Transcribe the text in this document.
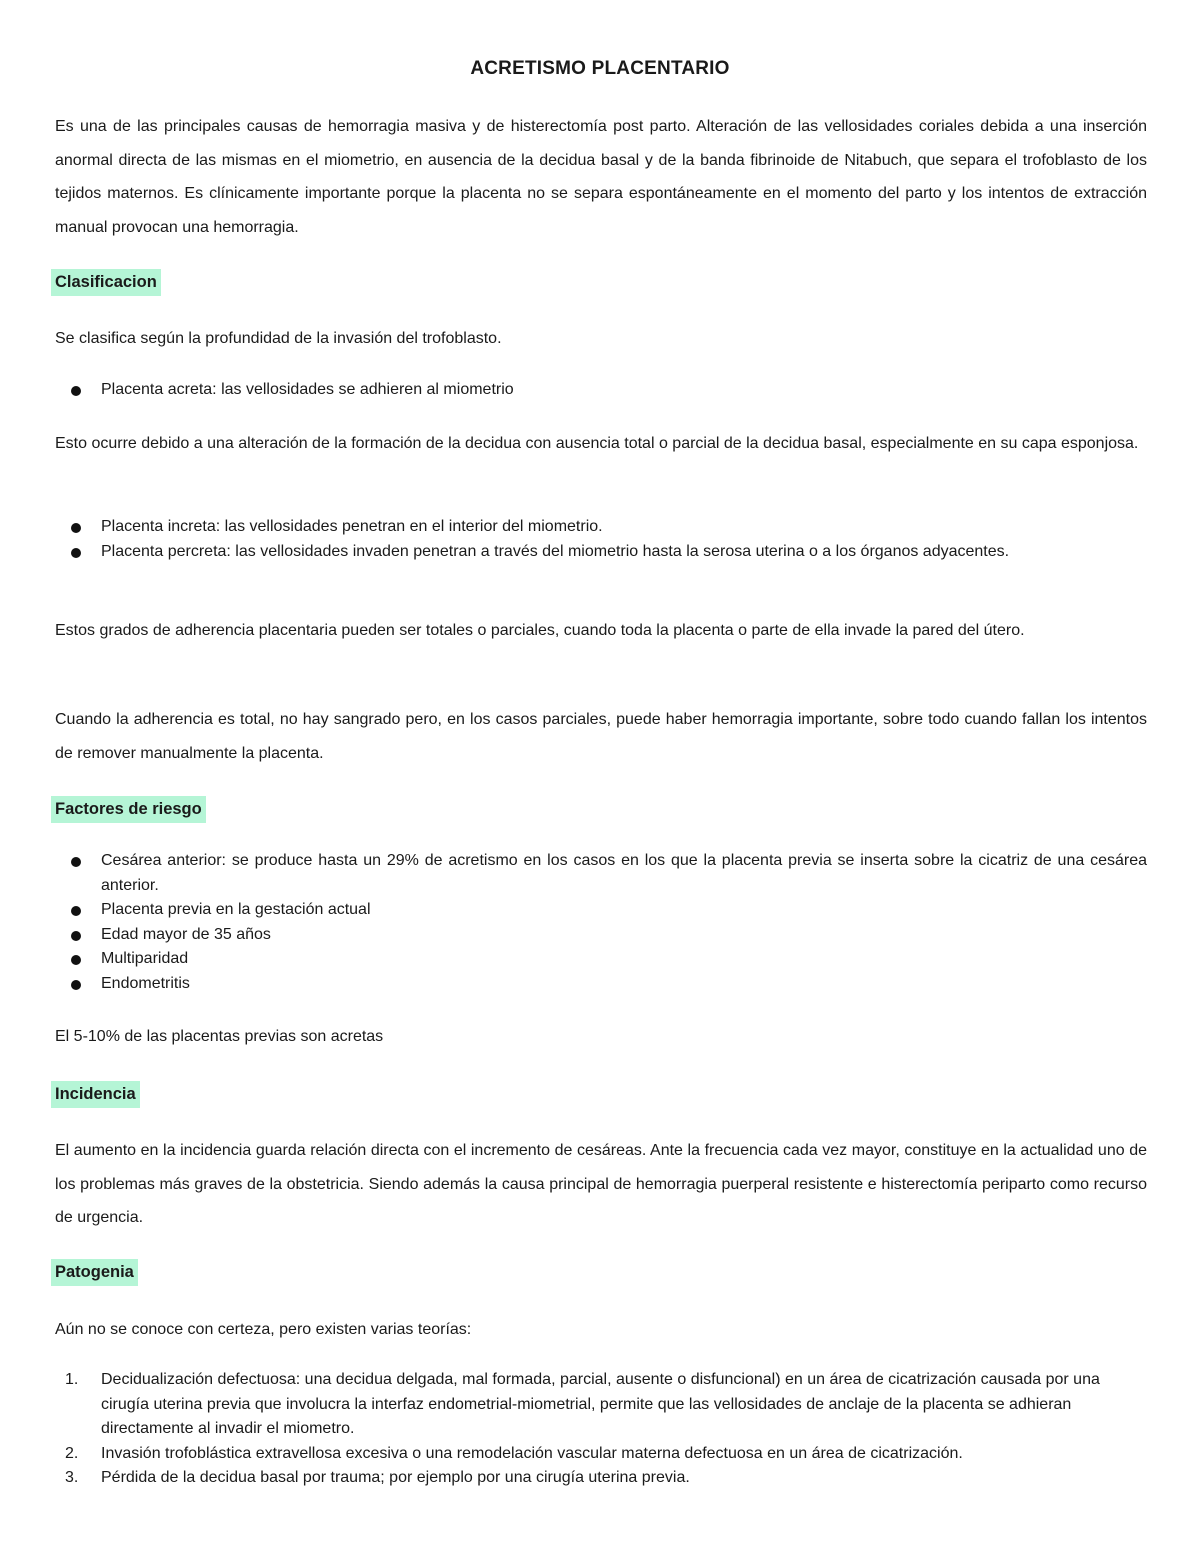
ACRETISMO PLACENTARIO

Es una de las principales causas de hemorragia masiva y de histerectomía post parto. Alteración de las vellosidades coriales debida a una inserción anormal directa de las mismas en el miometrio, en ausencia de la decidua basal y de la banda fibrinoide de Nitabuch, que separa el trofoblasto de los tejidos maternos. Es clínicamente importante porque la placenta no se separa espontáneamente en el momento del parto y los intentos de extracción manual provocan una hemorragia.

Clasificacion

Se clasifica según la profundidad de la invasión del trofoblasto.

Placenta acreta: las vellosidades se adhieren al miometrio

Esto ocurre debido a una alteración de la formación de la decidua con ausencia total o parcial de la decidua basal, especialmente en su capa esponjosa.

Placenta increta: las vellosidades penetran en el interior del miometrio.
Placenta percreta: las vellosidades invaden penetran a través del miometrio hasta la serosa uterina o a los órganos adyacentes.

Estos grados de adherencia placentaria pueden ser totales o parciales, cuando toda la placenta o parte de ella invade la pared del útero.

Cuando la adherencia es total, no hay sangrado pero, en los casos parciales, puede haber hemorragia importante, sobre todo cuando fallan los intentos de remover manualmente la placenta.

Factores de riesgo
Cesárea anterior: se produce hasta un 29% de acretismo en los casos en los que la placenta previa se inserta sobre la cicatriz de una cesárea anterior.
Placenta previa en la gestación actual
Edad mayor de 35 años
Multiparidad
Endometritis

El 5-10% de las placentas previas son acretas

Incidencia

El aumento en la incidencia guarda relación directa con el incremento de cesáreas. Ante la frecuencia cada vez mayor, constituye en la actualidad uno de los problemas más graves de la obstetricia. Siendo además la causa principal de hemorragia puerperal resistente e histerectomía periparto como recurso de urgencia.

Patogenia

Aún no se conoce con certeza, pero existen varias teorías:

1. Decidualización defectuosa: una decidua delgada, mal formada, parcial, ausente o disfuncional) en un área de cicatrización causada por una cirugía uterina previa que involucra la interfaz endometrial-miometrial, permite que las vellosidades de anclaje de la placenta se adhieran directamente al invadir el miometro.
2. Invasión trofoblástica extravellosa excesiva o una remodelación vascular materna defectuosa en un área de cicatrización.
3. Pérdida de la decidua basal por trauma; por ejemplo por una cirugía uterina previa.
